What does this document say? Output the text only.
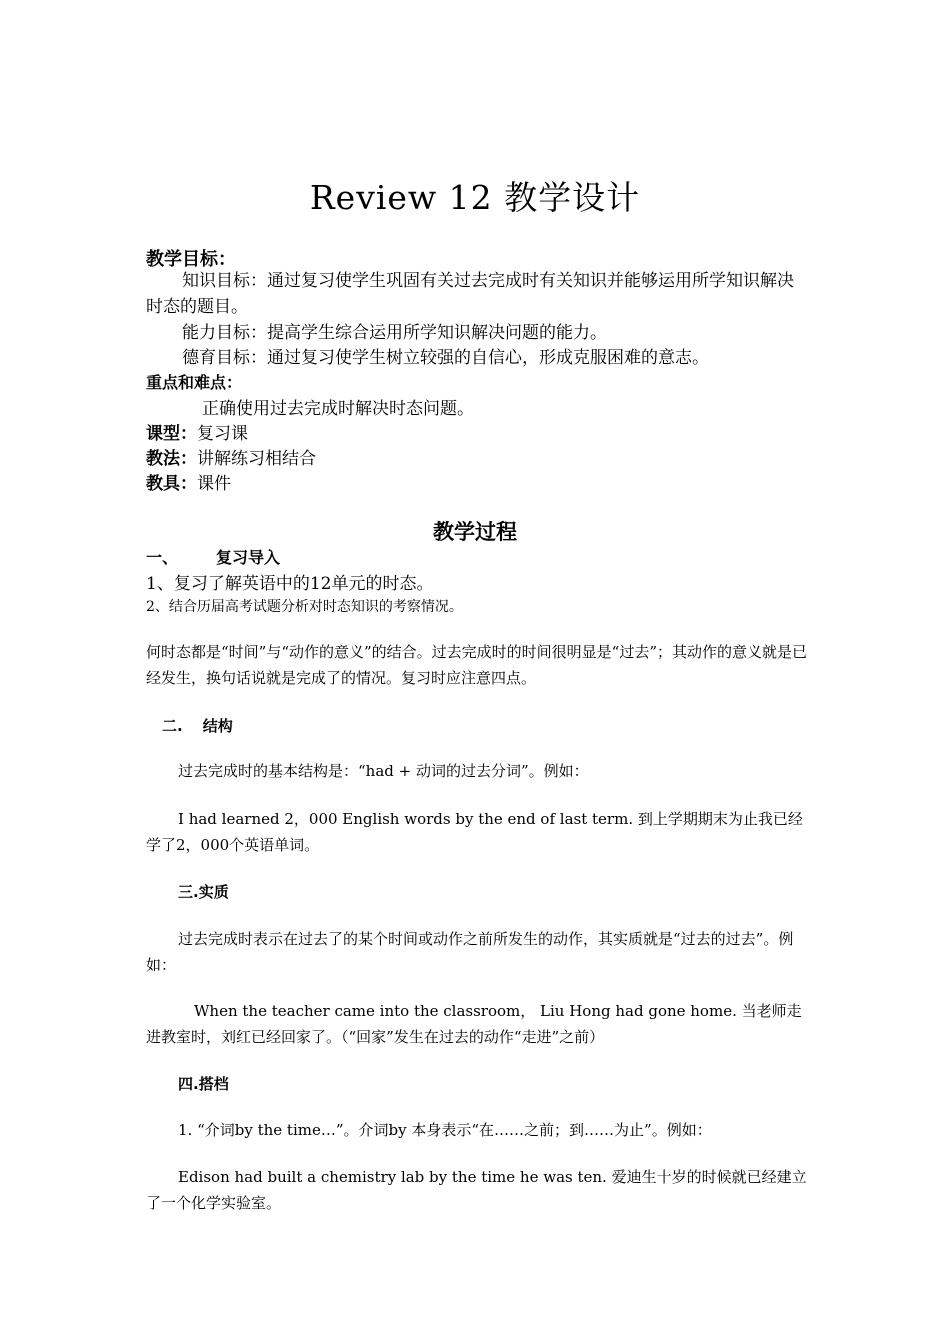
Review 12 教学设计
教学目标：
知识目标：通过复习使学生巩固有关过去完成时有关知识并能够运用所学知识解决时态的题目。
能力目标：提高学生综合运用所学知识解决问题的能力。
德育目标：通过复习使学生树立较强的自信心，形成克服困难的意志。
重点和难点：
正确使用过去完成时解决时态问题。
课型：复习课
教法：讲解练习相结合
教具：课件
教学过程
一、 复习导入
1、复习了解英语中的12单元的时态。
2、结合历届高考试题分析对时态知识的考察情况。
何时态都是“时间”与“动作的意义”的结合。过去完成时的时间很明显是“过去”；其动作的意义就是已经发生，换句话说就是完成了的情况。复习时应注意四点。
二. 结构
过去完成时的基本结构是：“had + 动词的过去分词”。例如：
I had learned 2，000 English words by the end of last term. 到上学期期末为止我已经学了2，000个英语单词。
三.实质
过去完成时表示在过去了的某个时间或动作之前所发生的动作，其实质就是“过去的过去”。例如：
When the teacher came into the classroom， Liu Hong had gone home. 当老师走进教室时，刘红已经回家了。（“回家”发生在过去的动作“走进”之前）
四.搭档
1. “介词by the time…”。介词by 本身表示“在……之前；到……为止”。例如：
Edison had built a chemistry lab by the time he was ten. 爱迪生十岁的时候就已经建立了一个化学实验室。
